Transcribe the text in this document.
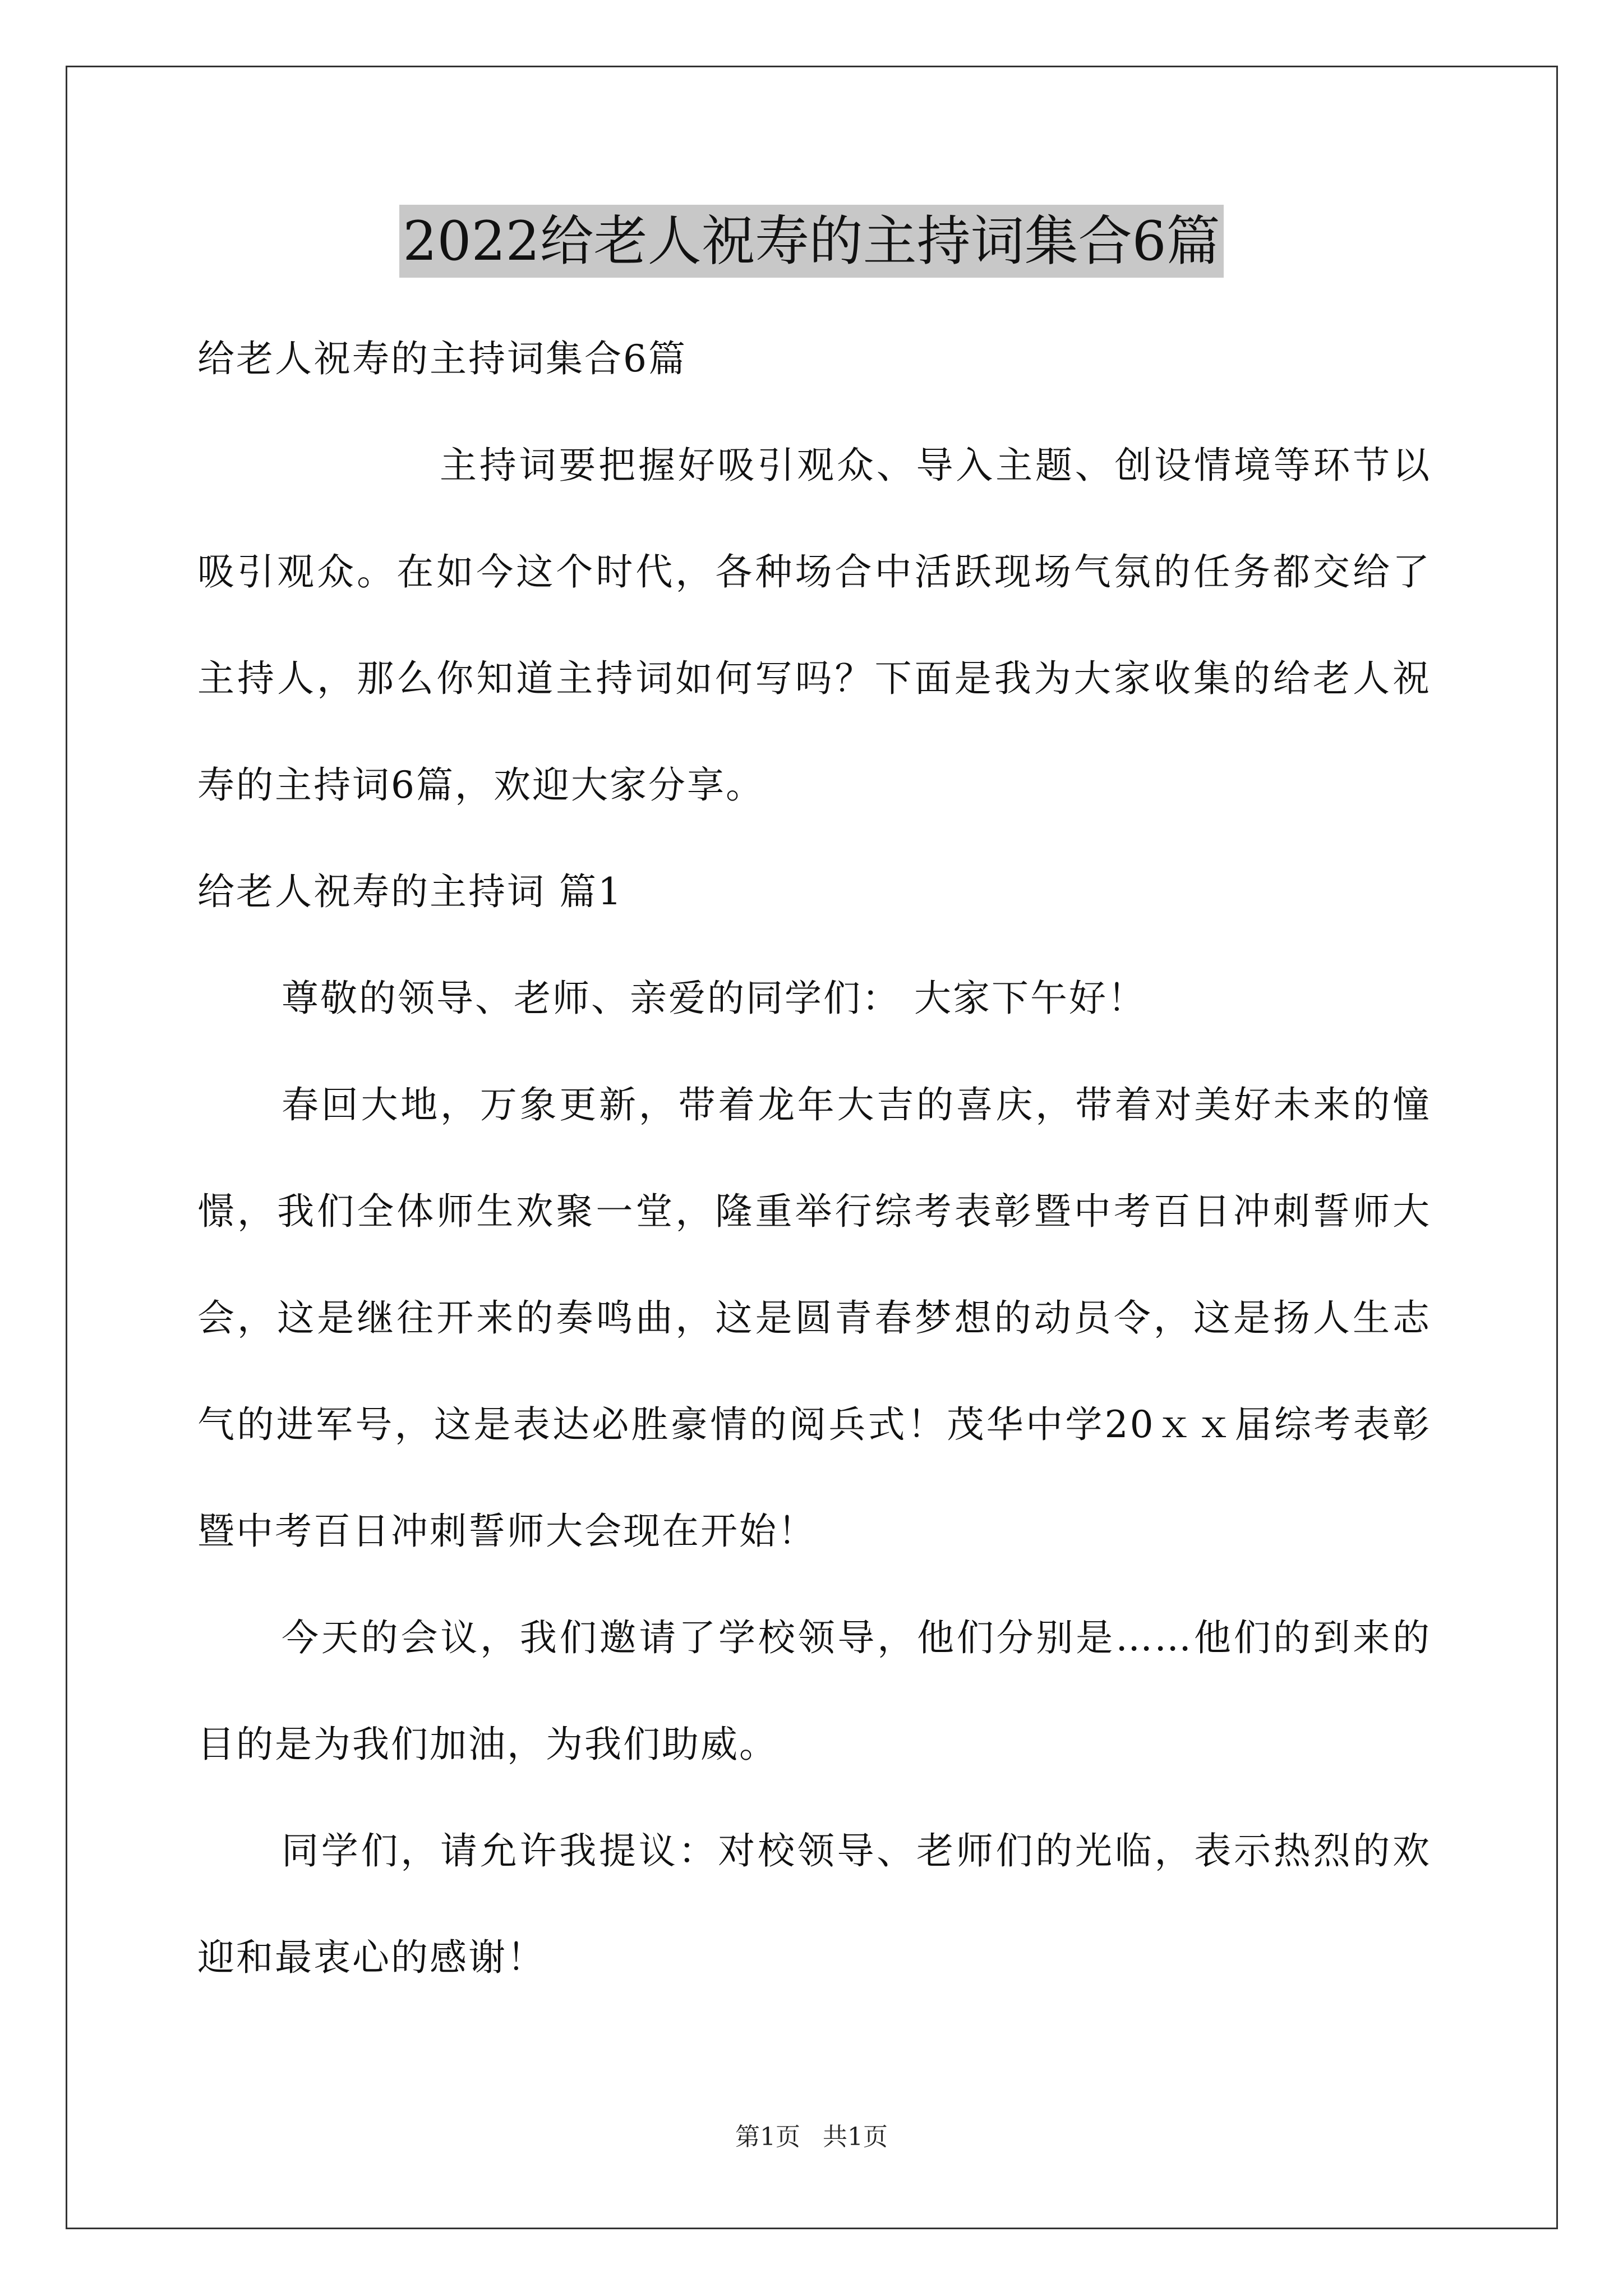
2022给老人祝寿的主持词集合6篇

给老人祝寿的主持词集合6篇

主持词要把握好吸引观众、导入主题、创设情境等环节以吸引观众。在如今这个时代，各种场合中活跃现场气氛的任务都交给了主持人，那么你知道主持词如何写吗？下面是我为大家收集的给老人祝寿的主持词6篇，欢迎大家分享。

给老人祝寿的主持词 篇1

尊敬的领导、老师、亲爱的同学们： 大家下午好！

春回大地，万象更新，带着龙年大吉的喜庆，带着对美好未来的憧憬，我们全体师生欢聚一堂，隆重举行综考表彰暨中考百日冲刺誓师大会，这是继往开来的奏鸣曲，这是圆青春梦想的动员令，这是扬人生志气的进军号，这是表达必胜豪情的阅兵式！茂华中学20ｘｘ届综考表彰暨中考百日冲刺誓师大会现在开始！

今天的会议，我们邀请了学校领导，他们分别是……他们的到来的目的是为我们加油，为我们助威。

同学们，请允许我提议：对校领导、老师们的光临，表示热烈的欢迎和最衷心的感谢！

第1页 共1页
